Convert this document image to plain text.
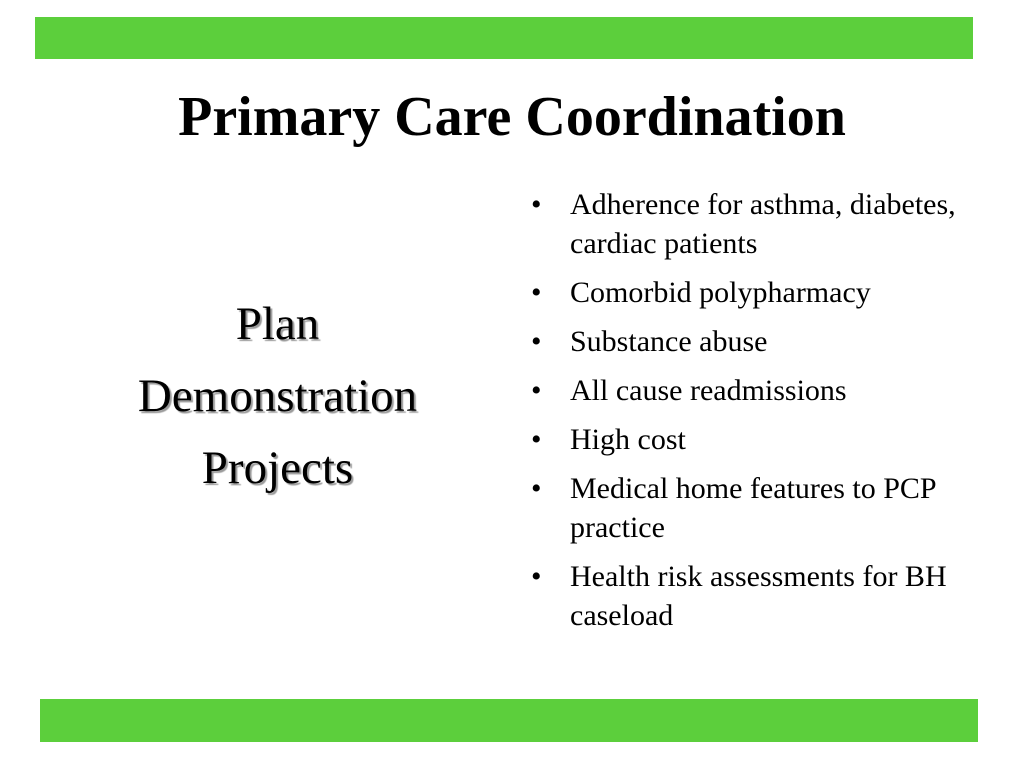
Primary Care Coordination
Plan
Demonstration
Projects
• Adherence for asthma, diabetes, cardiac patients
• Comorbid polypharmacy
• Substance abuse
• All cause readmissions
• High cost
• Medical home features to PCP practice
• Health risk assessments for BH caseload
